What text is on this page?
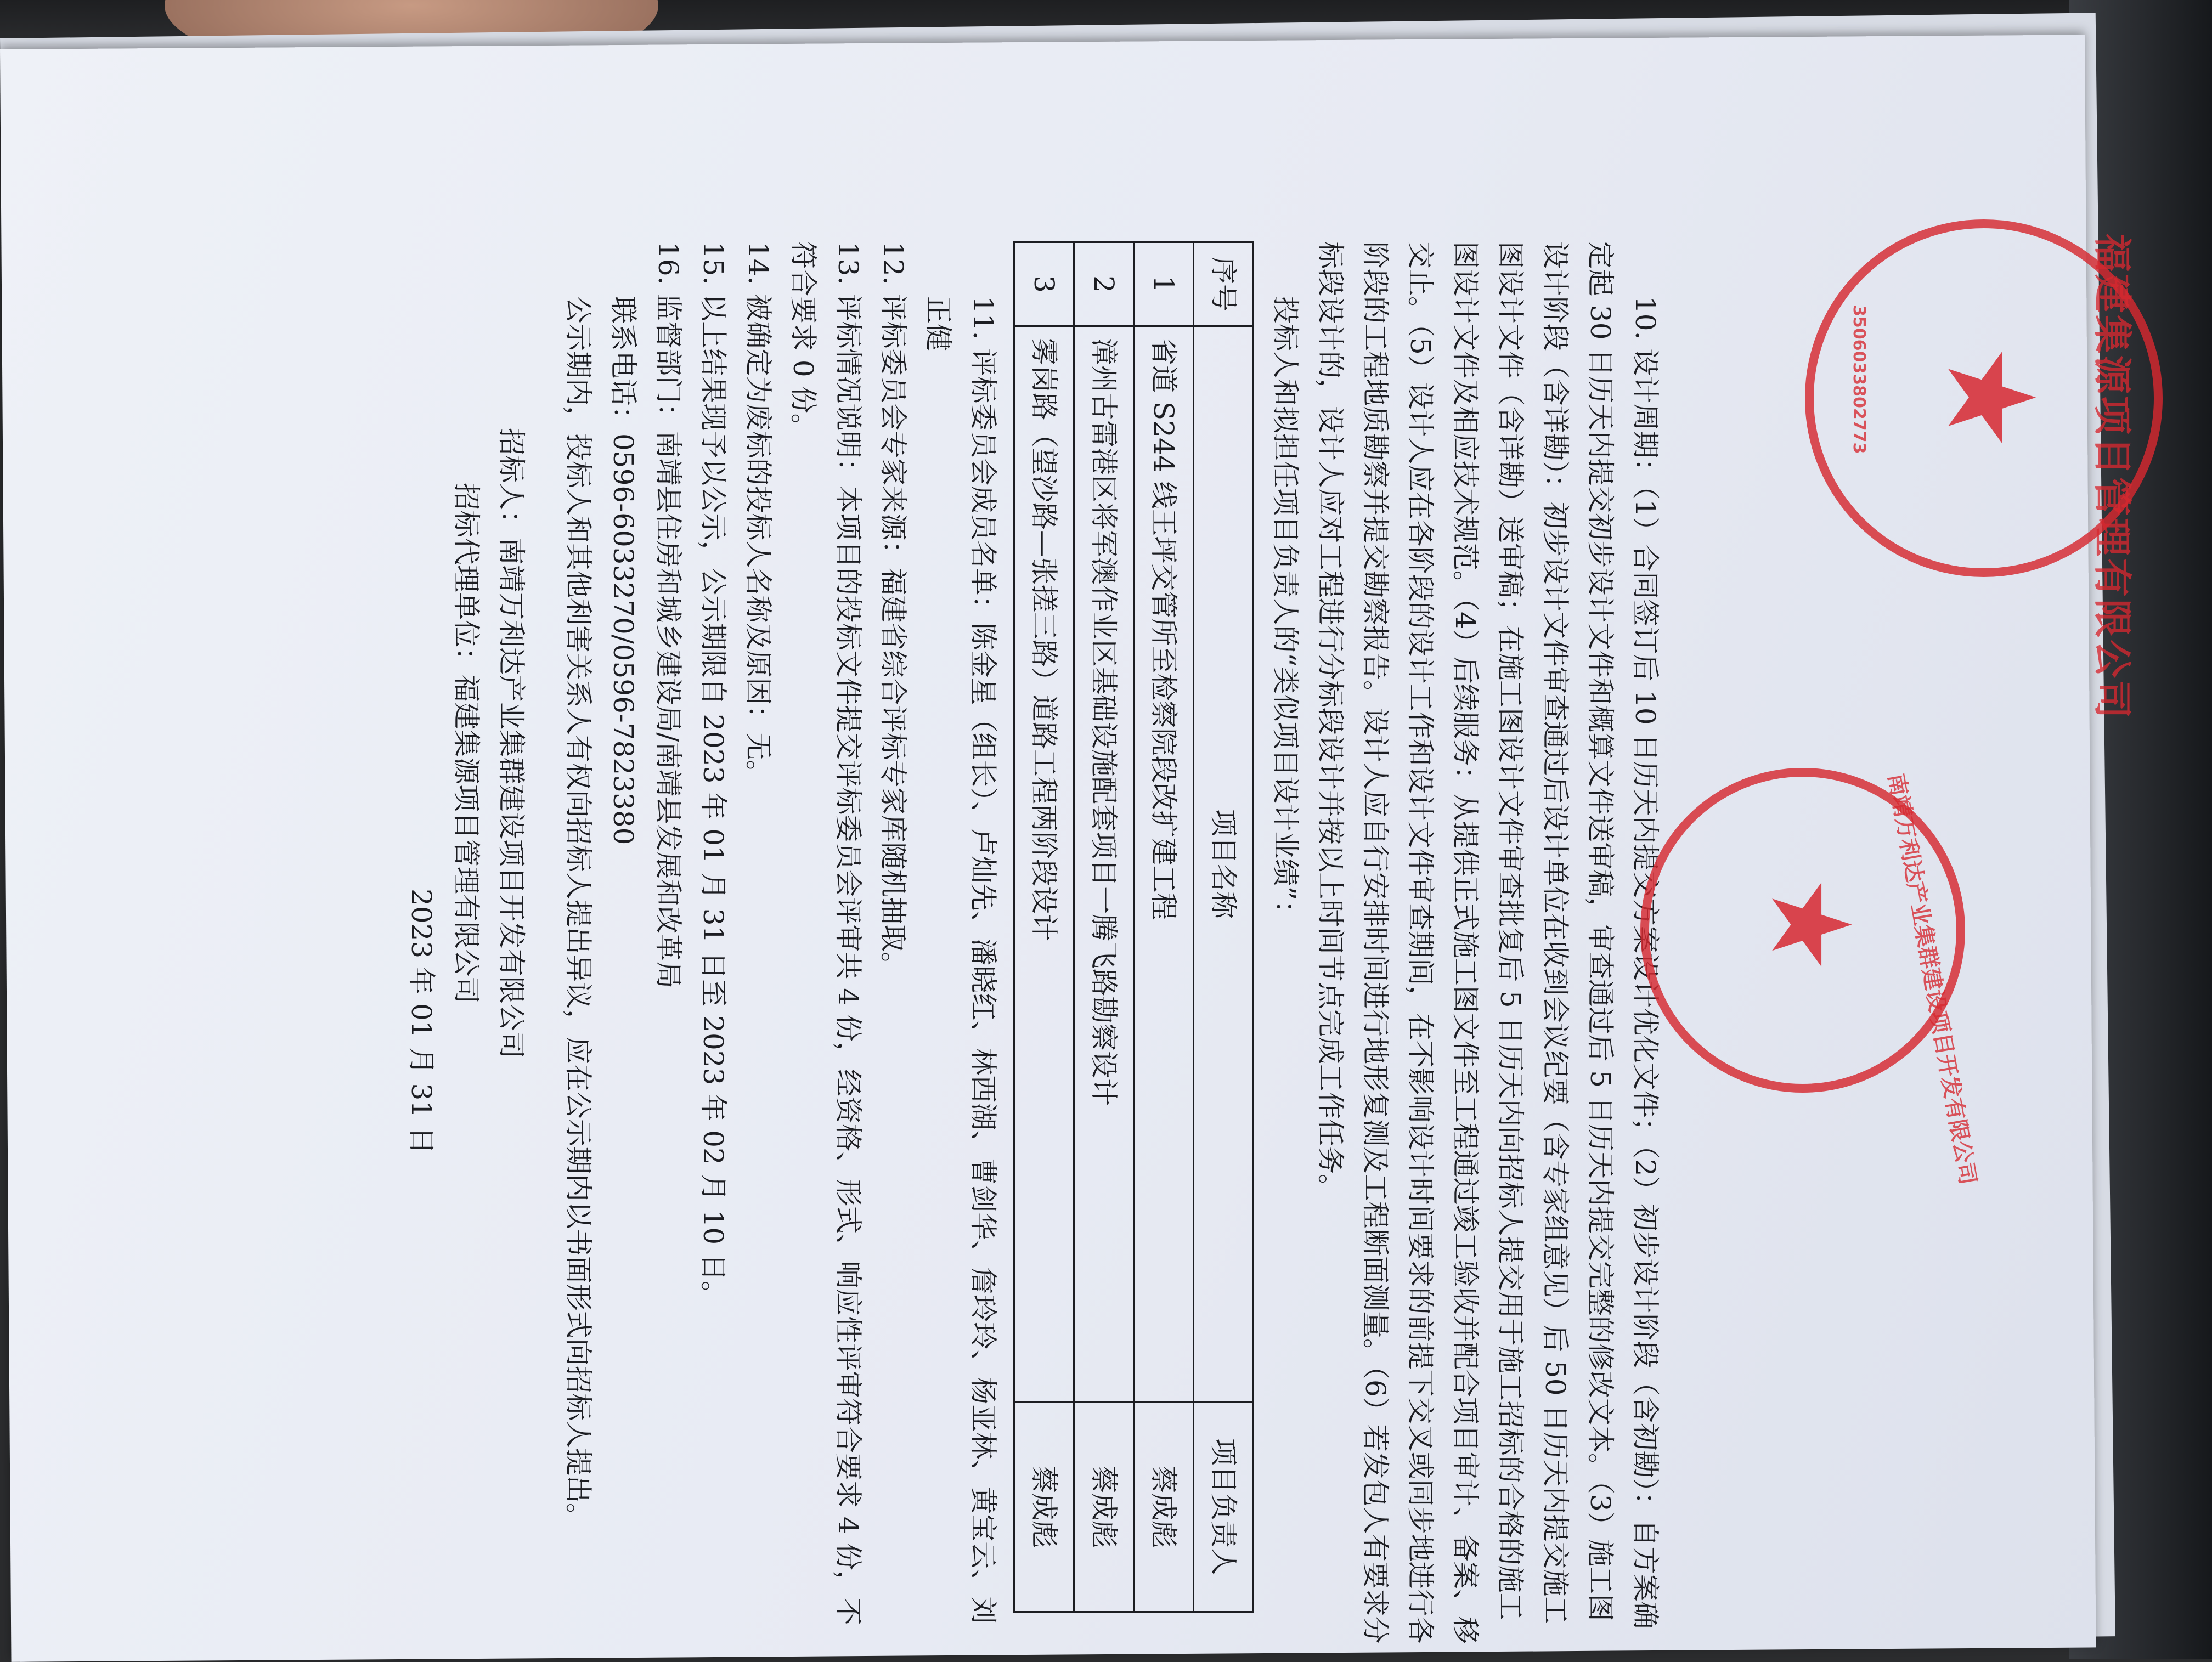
10. 设计周期：（1）合同签订后 10 日历天内提交方案设计优化文件；（2）初步设计阶段（含初勘）：自方案确定起 30 日历天内提交初步设计文件和概算文件送审稿，审查通过后 5 日历天内提交完整的修改文本。（3）施工图设计阶段（含详勘）：初步设计文件审查通过后设计单位在收到会议纪要（含专家组意见）后 50 日历天内提交施工图设计文件（含详勘）送审稿；在施工图设计文件审查批复后 5 日历天内向招标人提交用于施工招标的合格的施工图设计文件及相应技术规范。（4）后续服务：从提供正式施工图文件至工程通过竣工验收并配合项目审计、备案、移交止。（5）设计人应在各阶段的设计工作和设计文件审查期间，在不影响设计时间要求的前提下交叉或同步地进行各阶段的工程地质勘察并提交勘察报告。设计人应自行安排时间进行地形复测及工程断面测量。（6）若发包人有要求分标段设计的，设计人应对工程进行分标段设计并按以上时间节点完成工作任务。

投标人和拟担任项目负责人的“类似项目设计业绩”：

序号	项目名称	项目负责人
1	省道 S244 线王坪交管所至检察院段改扩建工程	蔡成彪
2	漳州古雷港区将军澳作业区基础设施配套项目一腾飞路勘察设计	蔡成彪
3	雾岗路（望沙路—张搓三路）道路工程两阶段设计	蔡成彪

11. 评标委员会成员名单：陈金星（组长）、卢灿先、潘晓红、林西湖、曹剑华、詹玲玲、杨亚林、黄宝云、刘正健

12. 评标委员会专家来源：福建省综合评标专家库随机抽取。

13. 评标情况说明：本项目的投标文件提交评标委员会评审共 4 份，经资格、形式、响应性评审符合要求 4 份，不符合要求 0 份。

14. 被确定为废标的投标人名称及原因：无。

15. 以上结果现予以公示，公示期限自 2023 年 01 月 31 日至 2023 年 02 月 10 日。

16. 监督部门：南靖县住房和城乡建设局/南靖县发展和改革局

联系电话：0596-6033270/0596-7823380

公示期内，投标人和其他利害关系人有权向招标人提出异议，应在公示期内以书面形式向招标人提出。

招标人：南靖万利达产业集群建设项目开发有限公司

招标代理单位：福建集源项目管理有限公司

2023 年 01 月 31 日	★ 南靖万利达产业集群建设项目开发有限公司
★ 福建集源项目管理有限公司
3506033802773
